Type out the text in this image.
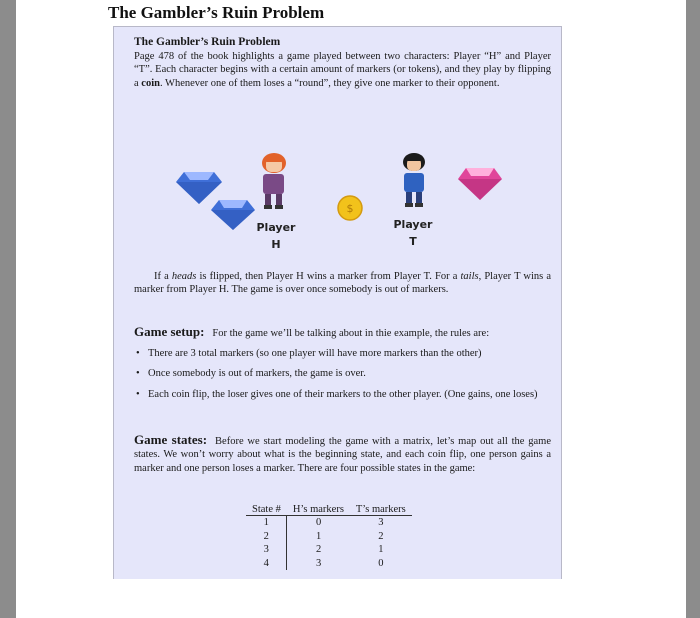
The Gambler’s Ruin Problem
The Gambler’s Ruin Problem
Page 478 of the book highlights a game played between two characters: Player “H” and Player “T”. Each character begins with a certain amount of markers (or tokens), and they play by flipping a coin. Whenever one of them loses a “round”, they give one marker to their opponent.
$
Player
H
Player
T
If a heads is flipped, then Player H wins a marker from Player T. For a tails, Player T wins a marker from Player H. The game is over once somebody is out of markers.
Game setup: For the game we’ll be talking about in thie example, the rules are:
• There are 3 total markers (so one player will have more markers than the other)
• Once somebody is out of markers, the game is over.
• Each coin flip, the loser gives one of their markers to the other player. (One gains, one loses)
Game states: Before we start modeling the game with a matrix, let’s map out all the game states. We won’t worry about what is the beginning state, and each coin flip, one person gains a marker and one person loses a marker. There are four possible states in the game:
State #	H’s markers	T’s markers
1	0	3
2	1	2
3	2	1
4	3	0
